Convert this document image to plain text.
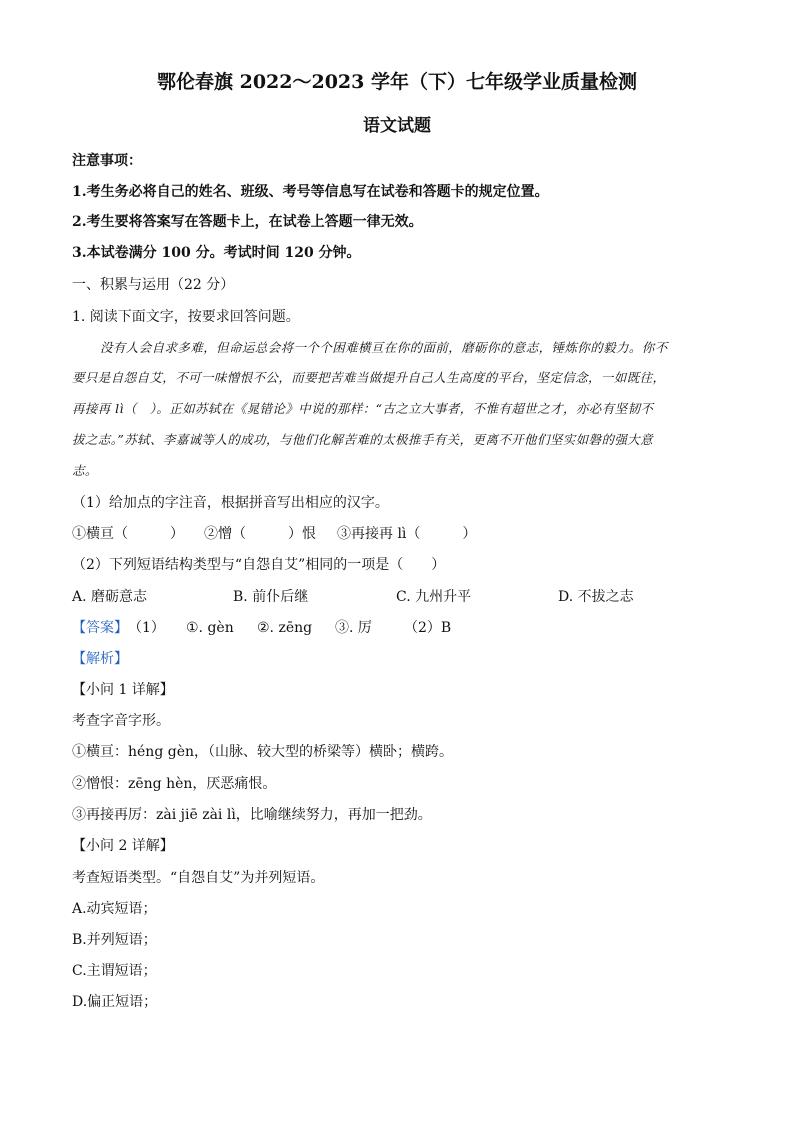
鄂伦春旗 2022～2023 学年（下）七年级学业质量检测
语文试题
注意事项：
1.考生务必将自己的姓名、班级、考号等信息写在试卷和答题卡的规定位置。
2.考生要将答案写在答题卡上，在试卷上答题一律无效。
3.本试卷满分 100 分。考试时间 120 分钟。
一、积累与运用（22 分）
1. 阅读下面文字，按要求回答问题。
没有人会自求多难，但命运总会将一个个困难横亘在你的面前，磨砺你的意志，锤炼你的毅力。你不
要只是自怨自艾，不可一味憎恨不公，而要把苦难当做提升自己人生高度的平台，坚定信念，一如既往，
再接再 lì（　）。正如苏轼在《晁错论》中说的那样：“古之立大事者，不惟有超世之才，亦必有坚韧不
拔之志。”苏轼、李嘉诚等人的成功，与他们化解苦难的太极推手有关，更离不开他们坚实如磐的强大意
志。
（1）给加点的字注音，根据拼音写出相应的汉字。
①横亘（　　　） ②憎（　　　）恨 ③再接再 lì（　　　）
（2）下列短语结构类型与“自怨自艾”相同的一项是（　　）
A. 磨砺意志	B. 前仆后继	C. 九州升平	D. 不拔之志
【答案】 （1） ①. gèn ②. zēng ③. 厉 （2）B
【解析】
【小问 1 详解】
考查字音字形。
①横亘：héng gèn，（山脉、较大型的桥梁等）横卧；横跨。
②憎恨：zēng hèn，厌恶痛恨。
③再接再厉：zài jiē zài lì，比喻继续努力，再加一把劲。
【小问 2 详解】
考查短语类型。“自怨自艾”为并列短语。
A.动宾短语；
B.并列短语；
C.主谓短语；
D.偏正短语；
